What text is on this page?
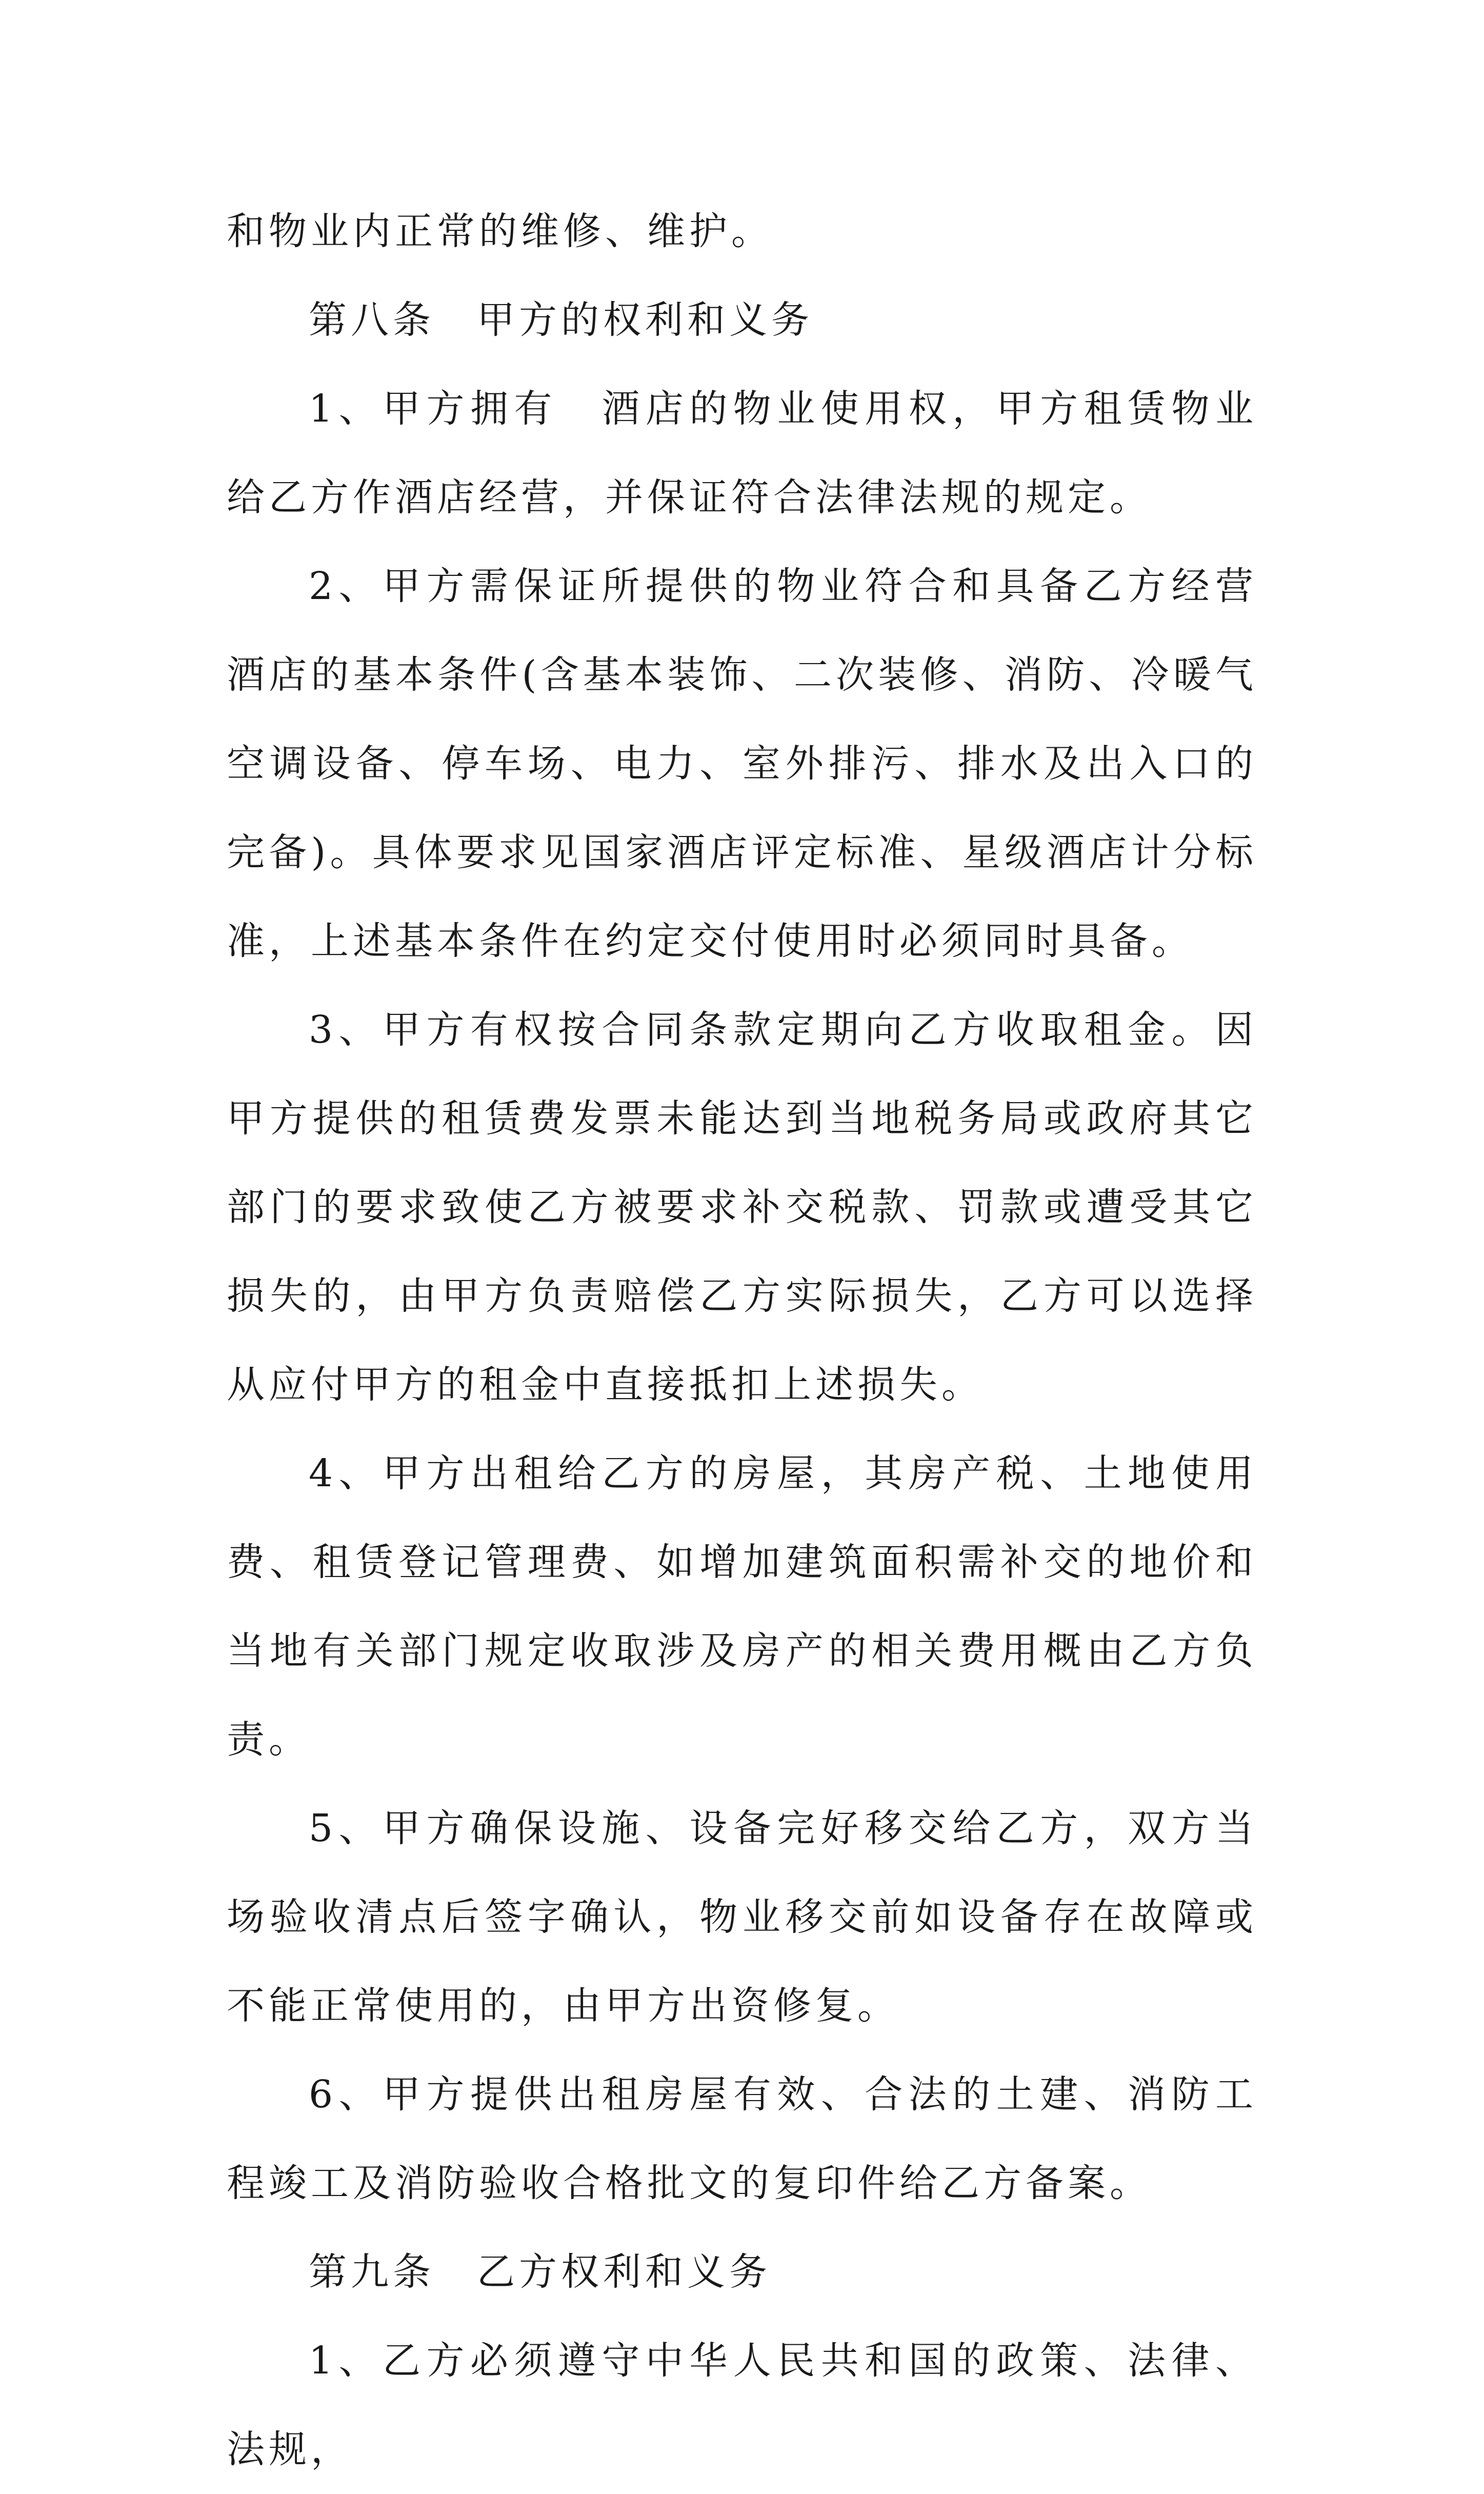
和物业内正常的维修、维护。

第八条　甲方的权利和义务

1、甲方拥有　酒店的物业使用权，甲方租赁物业给乙方作酒店经营，并保证符合法律法规的规定。

2、甲方需保证所提供的物业符合和具备乙方经营酒店的基本条件(含基本装饰、二次装修、消防、冷暖气空调设备、停车场、电力、室外排污、排水及出入口的完备)。具体要求见国家酒店评定标准、星级酒店计分标准，上述基本条件在约定交付使用时必须同时具备。

3、甲方有权按合同条款定期向乙方收取租金。因甲方提供的租赁费发票未能达到当地税务局或政府其它部门的要求致使乙方被要求补交税款、罚款或遭受其它损失的，由甲方负责赔偿乙方实际损失，乙方可以选择从应付甲方的租金中直接抵扣上述损失。

4、甲方出租给乙方的房屋，其房产税、土地使用费、租赁登记管理费、如增加建筑面积需补交的地价和当地有关部门规定收取涉及房产的相关费用概由乙方负责。

5、甲方确保设施、设备完好移交给乙方，双方当场验收清点后签字确认，物业移交前如设备存在故障或不能正常使用的，由甲方出资修复。

6、甲方提供出租房屋有效、合法的土建、消防工程竣工及消防验收合格批文的复印件给乙方备案。

第九条　乙方权利和义务

1、乙方必须遵守中华人民共和国的政策、法律、法规，
